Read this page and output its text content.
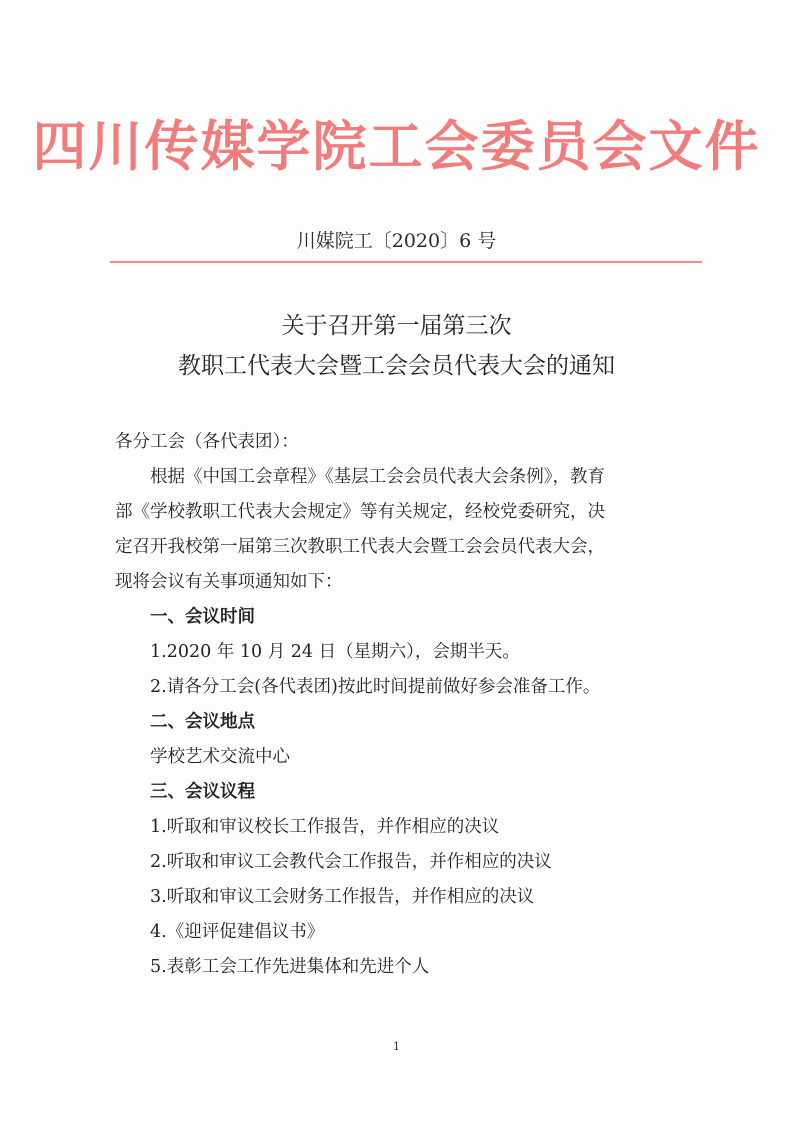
四川传媒学院工会委员会文件
川媒院工〔2020〕6 号
关于召开第一届第三次
教职工代表大会暨工会会员代表大会的通知
各分工会（各代表团）：
根据《中国工会章程》《基层工会会员代表大会条例》，教育
部《学校教职工代表大会规定》等有关规定，经校党委研究，决
定召开我校第一届第三次教职工代表大会暨工会会员代表大会，
现将会议有关事项通知如下：
一、会议时间
1.2020 年 10 月 24 日（星期六），会期半天。
2.请各分工会(各代表团)按此时间提前做好参会准备工作。
二、会议地点
学校艺术交流中心
三、会议议程
1.听取和审议校长工作报告，并作相应的决议
2.听取和审议工会教代会工作报告，并作相应的决议
3.听取和审议工会财务工作报告，并作相应的决议
4.《迎评促建倡议书》
5.表彰工会工作先进集体和先进个人
1
